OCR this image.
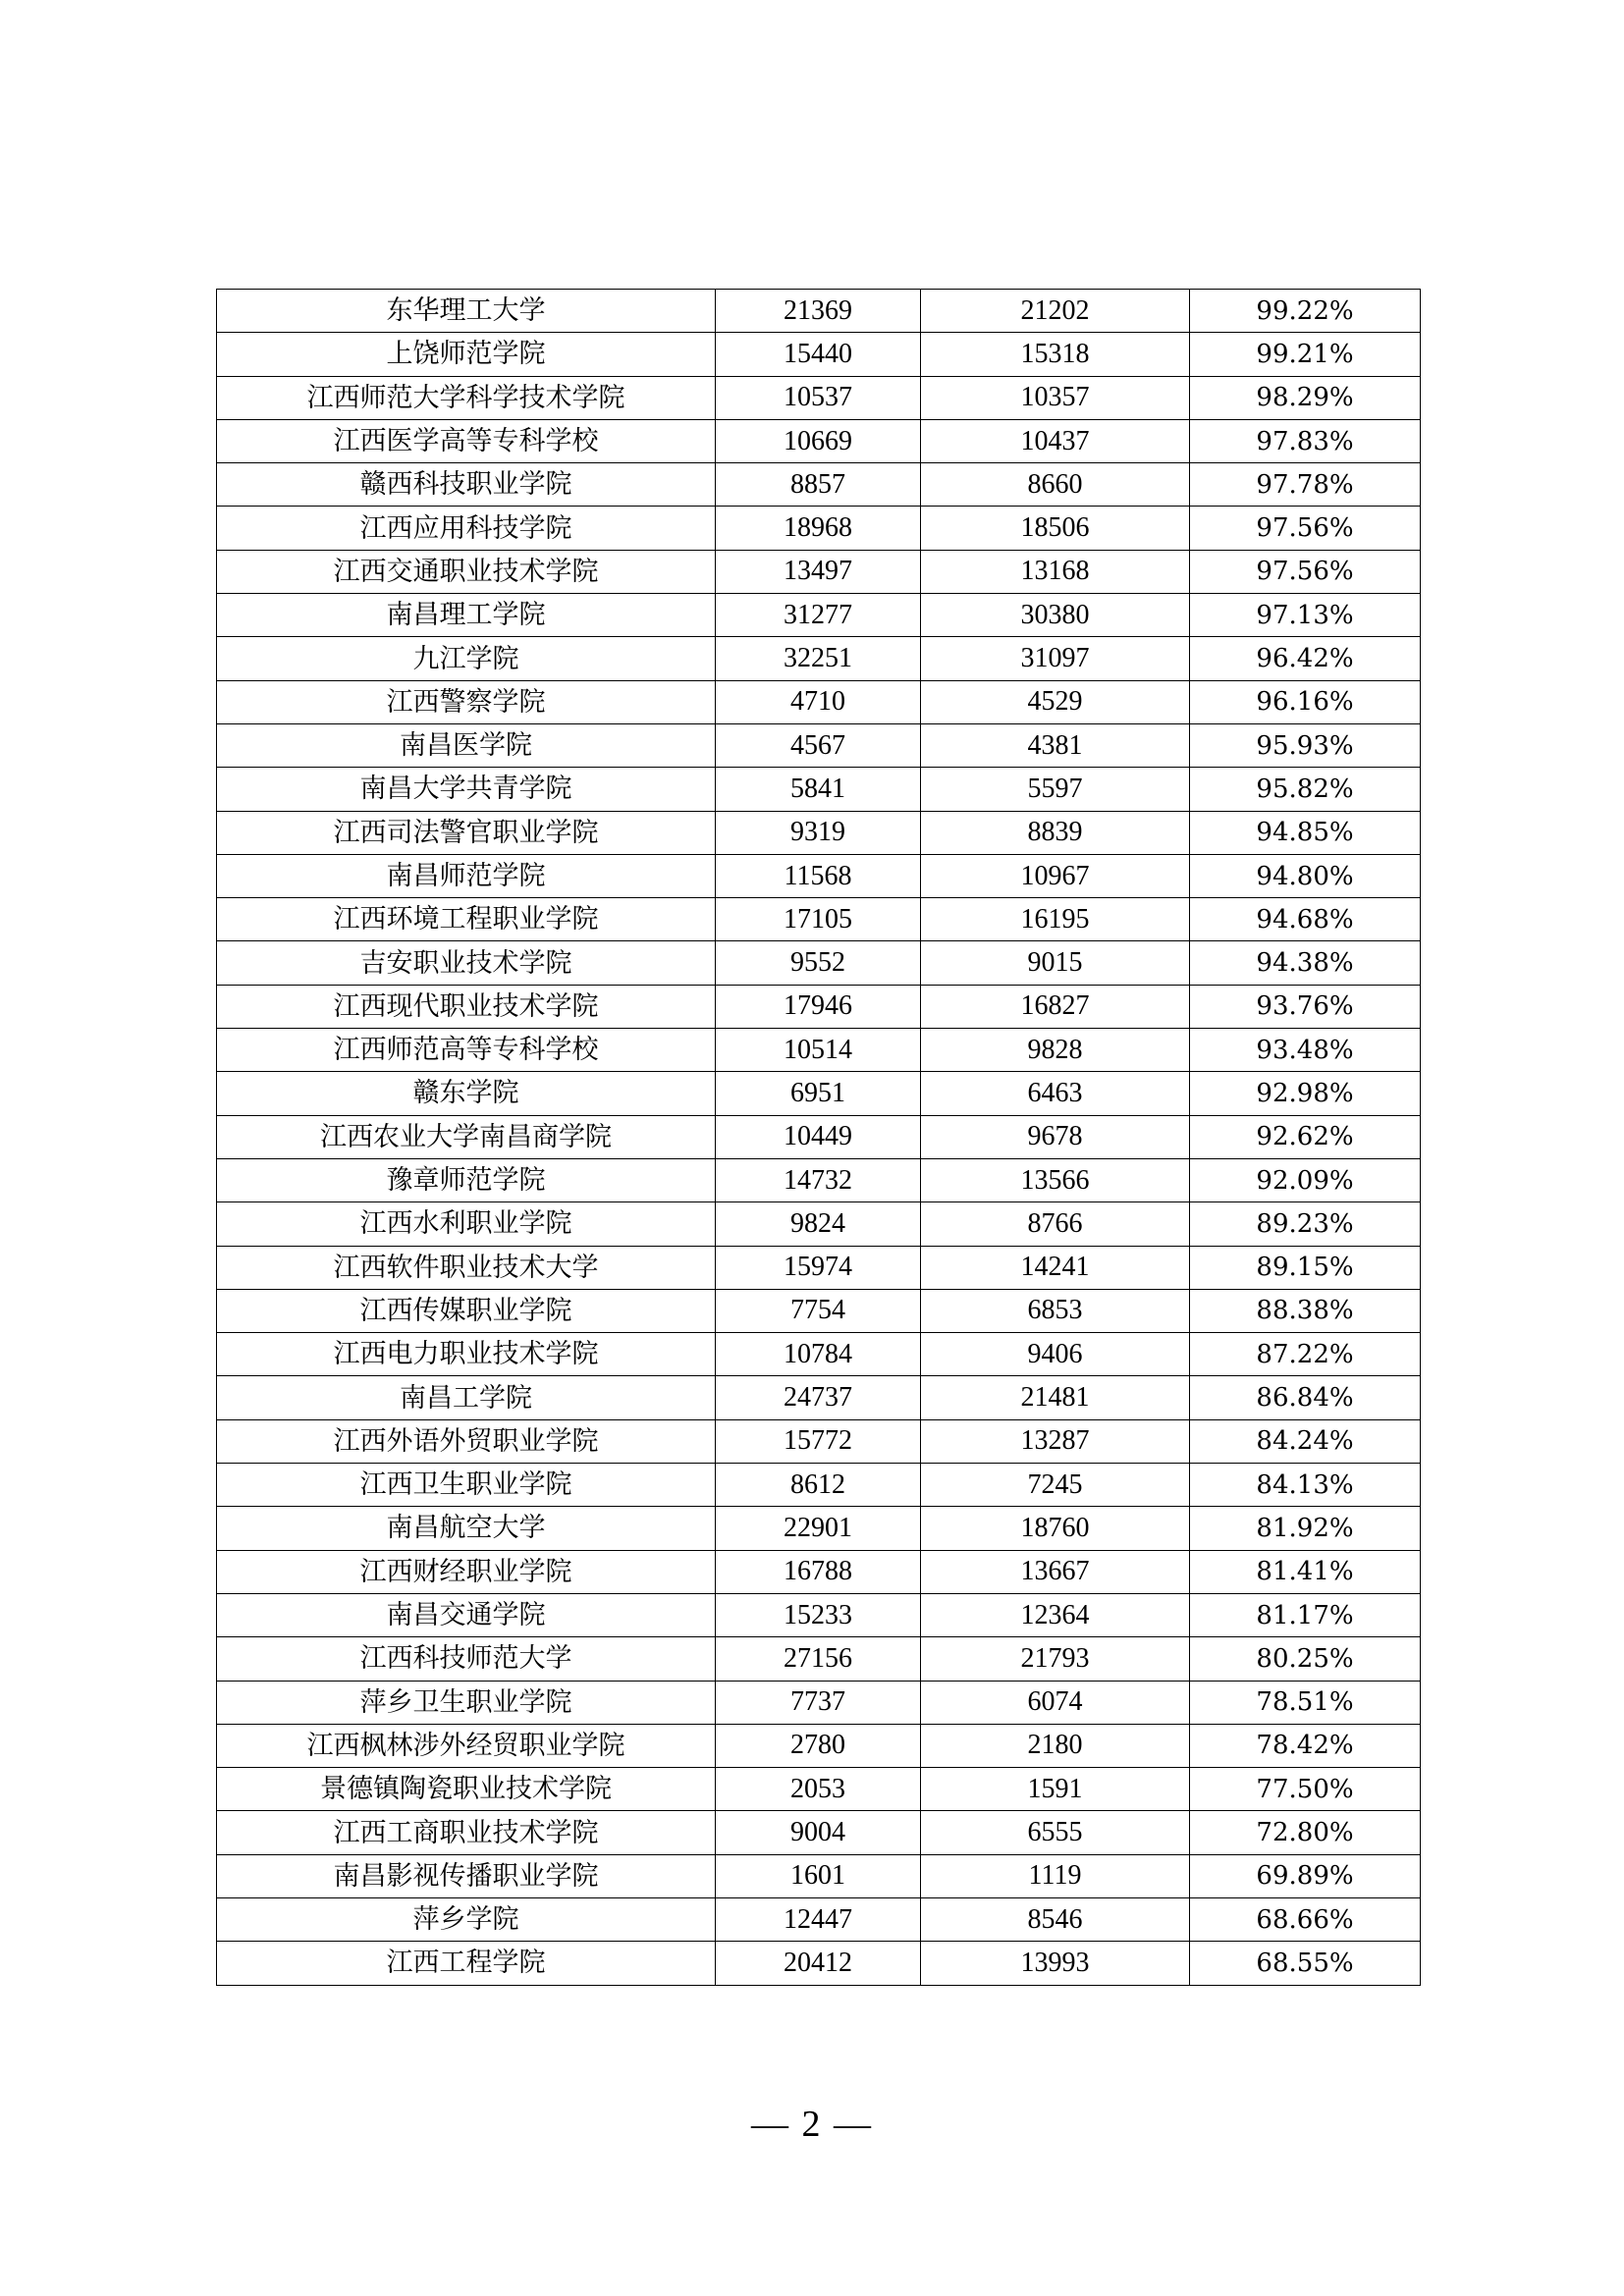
东华理工大学	21369	21202	99.22%
上饶师范学院	15440	15318	99.21%
江西师范大学科学技术学院	10537	10357	98.29%
江西医学高等专科学校	10669	10437	97.83%
赣西科技职业学院	8857	8660	97.78%
江西应用科技学院	18968	18506	97.56%
江西交通职业技术学院	13497	13168	97.56%
南昌理工学院	31277	30380	97.13%
九江学院	32251	31097	96.42%
江西警察学院	4710	4529	96.16%
南昌医学院	4567	4381	95.93%
南昌大学共青学院	5841	5597	95.82%
江西司法警官职业学院	9319	8839	94.85%
南昌师范学院	11568	10967	94.80%
江西环境工程职业学院	17105	16195	94.68%
吉安职业技术学院	9552	9015	94.38%
江西现代职业技术学院	17946	16827	93.76%
江西师范高等专科学校	10514	9828	93.48%
赣东学院	6951	6463	92.98%
江西农业大学南昌商学院	10449	9678	92.62%
豫章师范学院	14732	13566	92.09%
江西水利职业学院	9824	8766	89.23%
江西软件职业技术大学	15974	14241	89.15%
江西传媒职业学院	7754	6853	88.38%
江西电力职业技术学院	10784	9406	87.22%
南昌工学院	24737	21481	86.84%
江西外语外贸职业学院	15772	13287	84.24%
江西卫生职业学院	8612	7245	84.13%
南昌航空大学	22901	18760	81.92%
江西财经职业学院	16788	13667	81.41%
南昌交通学院	15233	12364	81.17%
江西科技师范大学	27156	21793	80.25%
萍乡卫生职业学院	7737	6074	78.51%
江西枫林涉外经贸职业学院	2780	2180	78.42%
景德镇陶瓷职业技术学院	2053	1591	77.50%
江西工商职业技术学院	9004	6555	72.80%
南昌影视传播职业学院	1601	1119	69.89%
萍乡学院	12447	8546	68.66%
江西工程学院	20412	13993	68.55%
— 2 —
